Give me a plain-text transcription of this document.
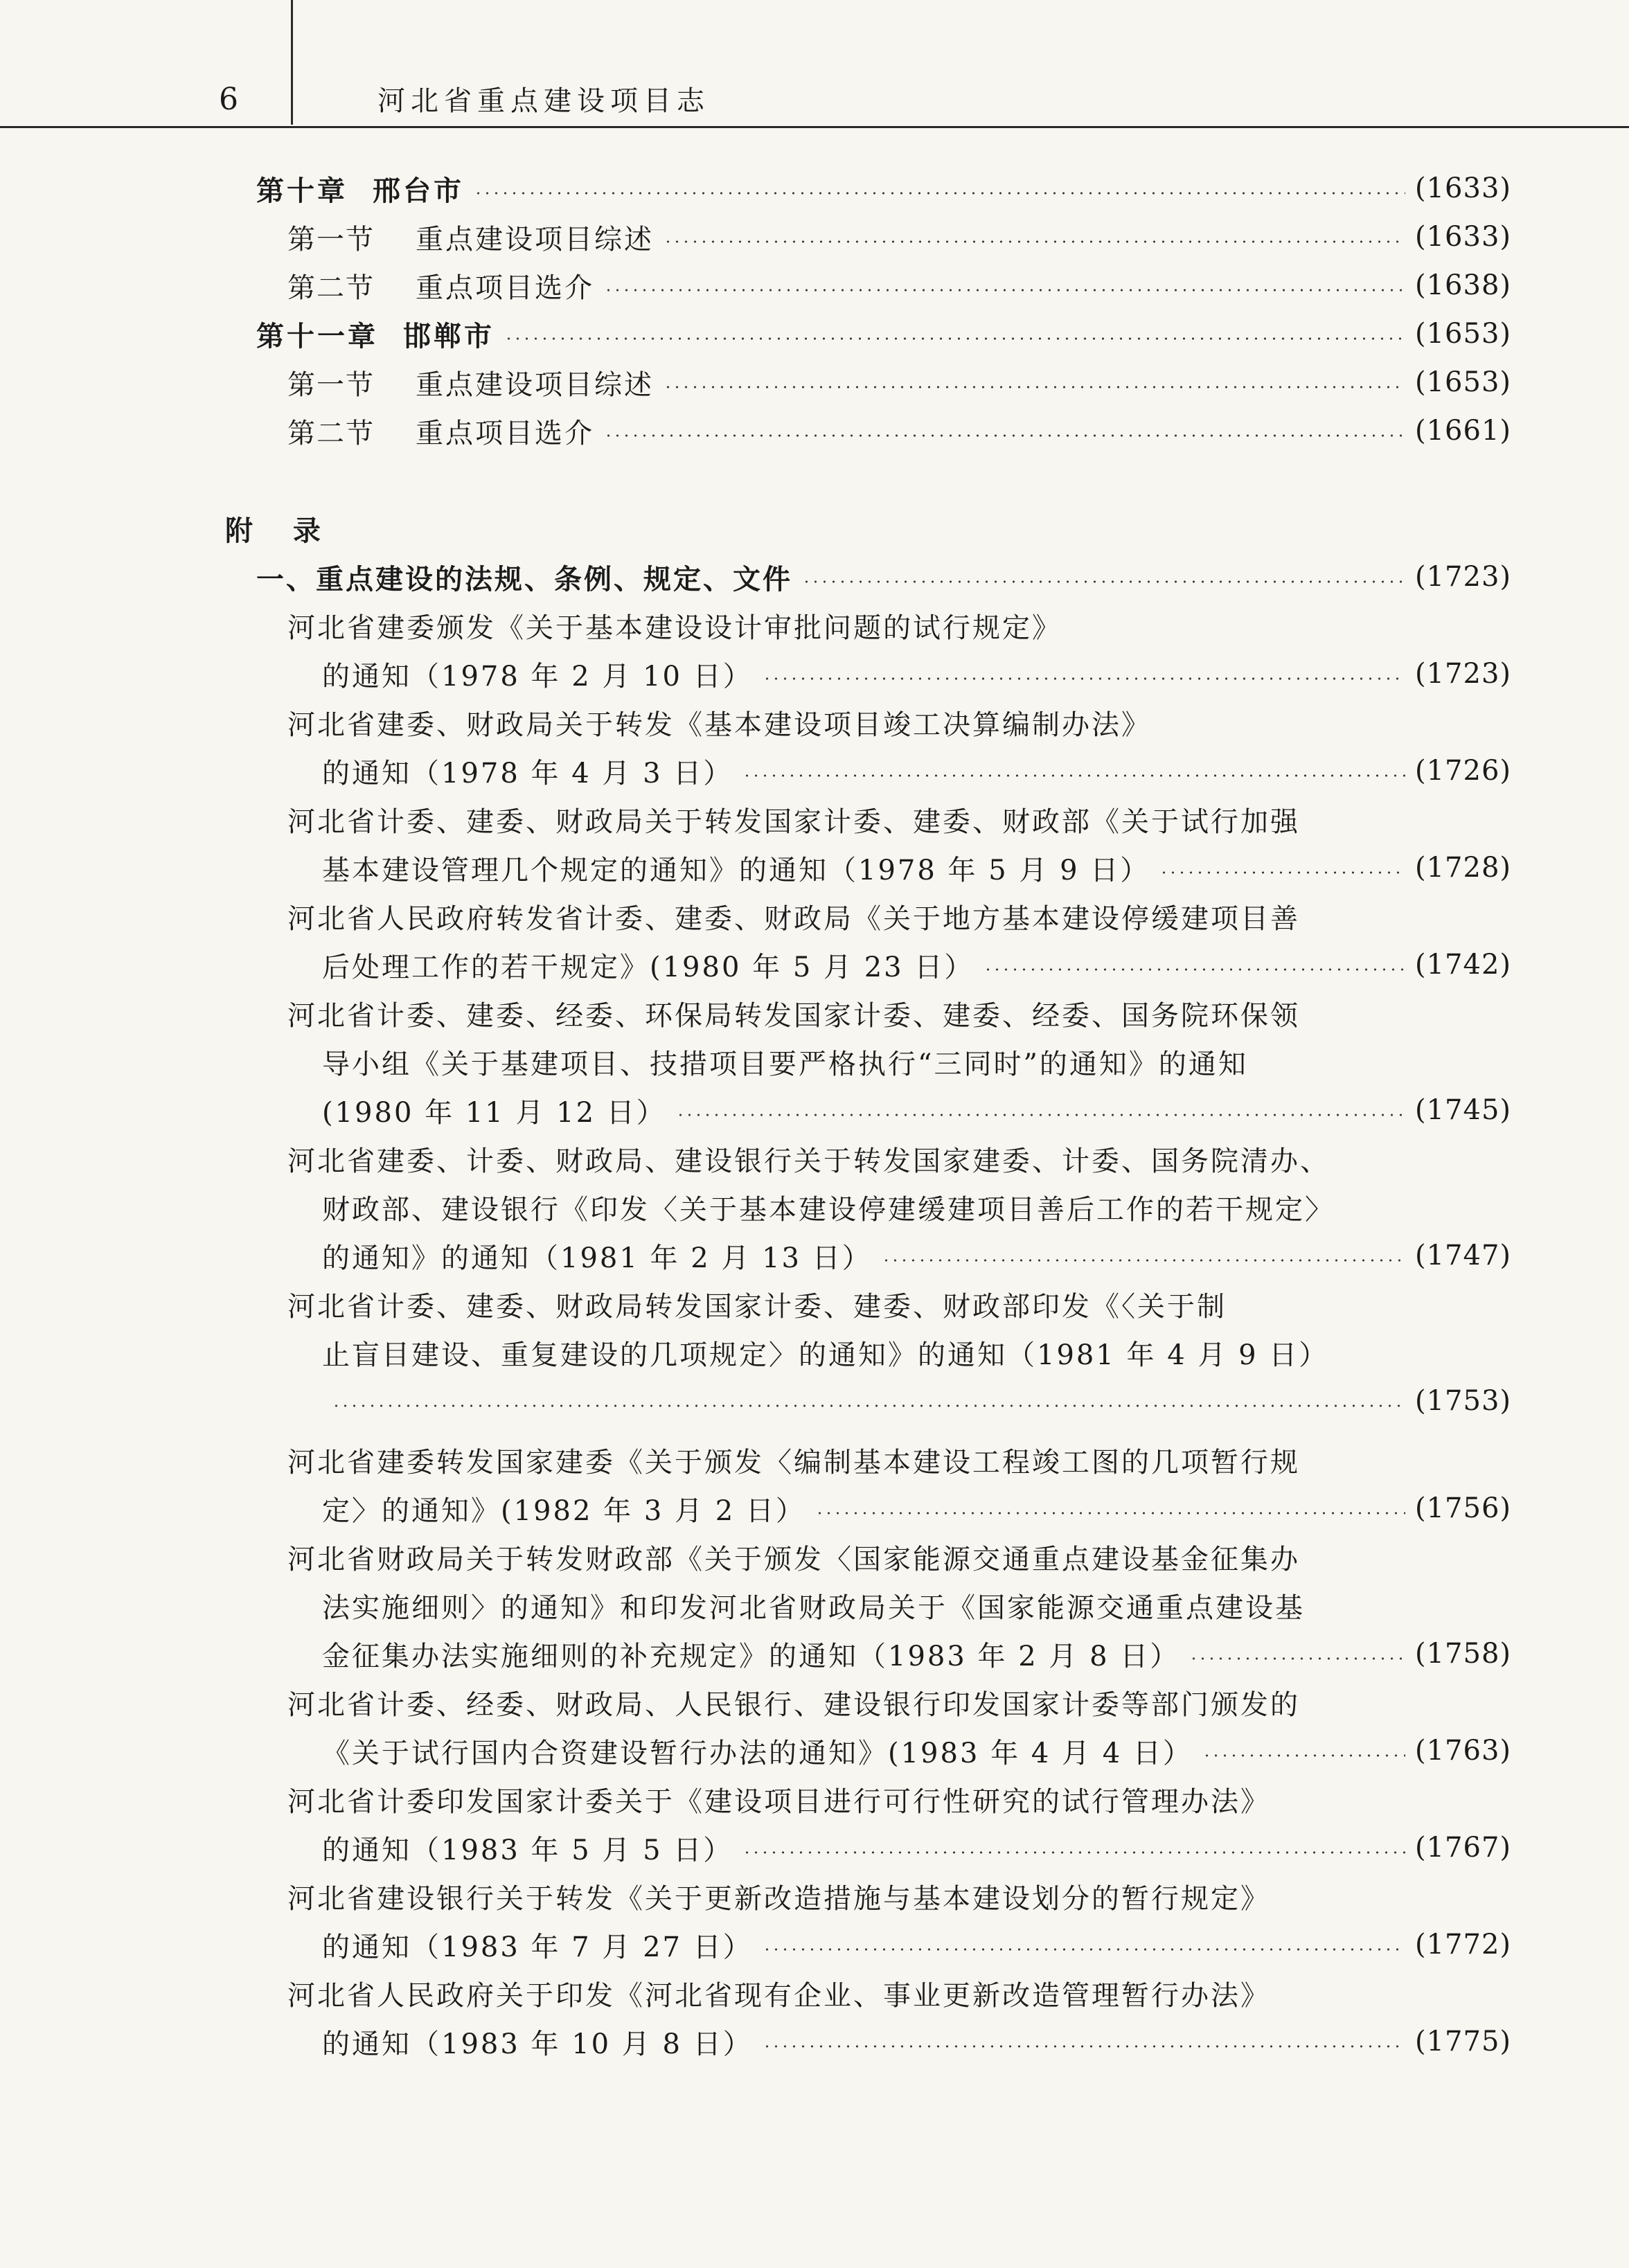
6	河北省重点建设项目志
第十章 邢台市	(1633)
第一节 重点建设项目综述	(1633)
第二节 重点项目选介	(1638)
第十一章 邯郸市	(1653)
第一节 重点建设项目综述	(1653)
第二节 重点项目选介	(1661)
附 录
一、重点建设的法规、条例、规定、文件	(1723)
河北省建委颁发《关于基本建设设计审批问题的试行规定》
的通知（1978 年 2 月 10 日）	(1723)
河北省建委、财政局关于转发《基本建设项目竣工决算编制办法》
的通知（1978 年 4 月 3 日）	(1726)
河北省计委、建委、财政局关于转发国家计委、建委、财政部《关于试行加强
基本建设管理几个规定的通知》的通知（1978 年 5 月 9 日）	(1728)
河北省人民政府转发省计委、建委、财政局《关于地方基本建设停缓建项目善
后处理工作的若干规定》(1980 年 5 月 23 日）	(1742)
河北省计委、建委、经委、环保局转发国家计委、建委、经委、国务院环保领
导小组《关于基建项目、技措项目要严格执行“三同时”的通知》的通知
(1980 年 11 月 12 日）	(1745)
河北省建委、计委、财政局、建设银行关于转发国家建委、计委、国务院清办、
财政部、建设银行《印发〈关于基本建设停建缓建项目善后工作的若干规定〉
的通知》的通知（1981 年 2 月 13 日）	(1747)
河北省计委、建委、财政局转发国家计委、建委、财政部印发《〈关于制
止盲目建设、重复建设的几项规定〉的通知》的通知（1981 年 4 月 9 日）
(1753)
河北省建委转发国家建委《关于颁发〈编制基本建设工程竣工图的几项暂行规
定〉的通知》(1982 年 3 月 2 日）	(1756)
河北省财政局关于转发财政部《关于颁发〈国家能源交通重点建设基金征集办
法实施细则〉的通知》和印发河北省财政局关于《国家能源交通重点建设基
金征集办法实施细则的补充规定》的通知（1983 年 2 月 8 日）	(1758)
河北省计委、经委、财政局、人民银行、建设银行印发国家计委等部门颁发的
《关于试行国内合资建设暂行办法的通知》(1983 年 4 月 4 日）	(1763)
河北省计委印发国家计委关于《建设项目进行可行性研究的试行管理办法》
的通知（1983 年 5 月 5 日）	(1767)
河北省建设银行关于转发《关于更新改造措施与基本建设划分的暂行规定》
的通知（1983 年 7 月 27 日）	(1772)
河北省人民政府关于印发《河北省现有企业、事业更新改造管理暂行办法》
的通知（1983 年 10 月 8 日）	(1775)
